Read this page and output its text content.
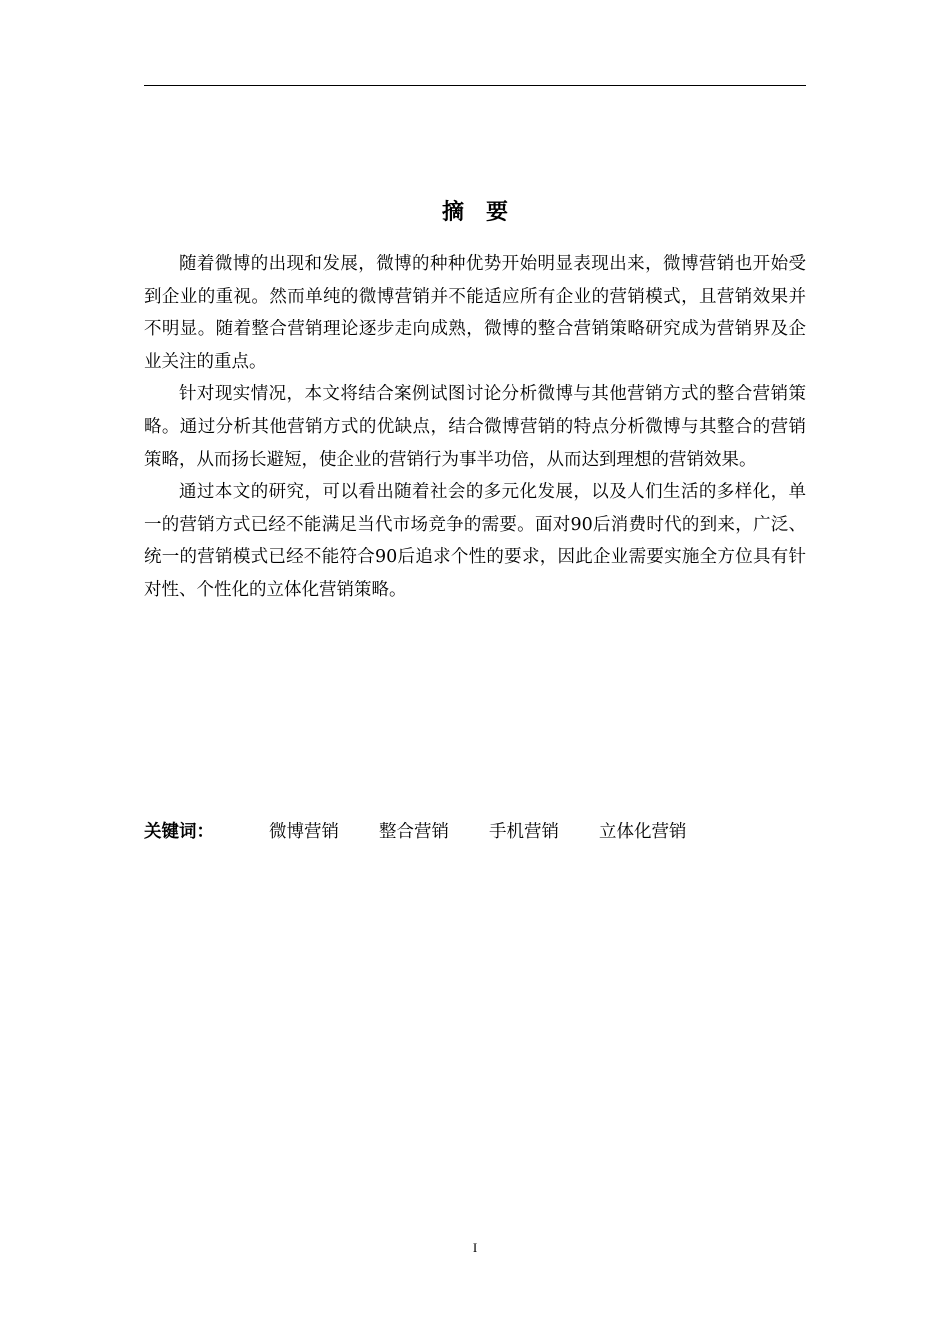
摘要

随着微博的出现和发展，微博的种种优势开始明显表现出来，微博营销也开始受到企业的重视。然而单纯的微博营销并不能适应所有企业的营销模式，且营销效果并不明显。随着整合营销理论逐步走向成熟，微博的整合营销策略研究成为营销界及企业关注的重点。

针对现实情况，本文将结合案例试图讨论分析微博与其他营销方式的整合营销策略。通过分析其他营销方式的优缺点，结合微博营销的特点分析微博与其整合的营销策略，从而扬长避短，使企业的营销行为事半功倍，从而达到理想的营销效果。

通过本文的研究，可以看出随着社会的多元化发展，以及人们生活的多样化，单一的营销方式已经不能满足当代市场竞争的需要。面对90后消费时代的到来，广泛、统一的营销模式已经不能符合90后追求个性的要求，因此企业需要实施全方位具有针对性、个性化的立体化营销策略。

关键词：	微博营销 整合营销 手机营销 立体化营销
I
